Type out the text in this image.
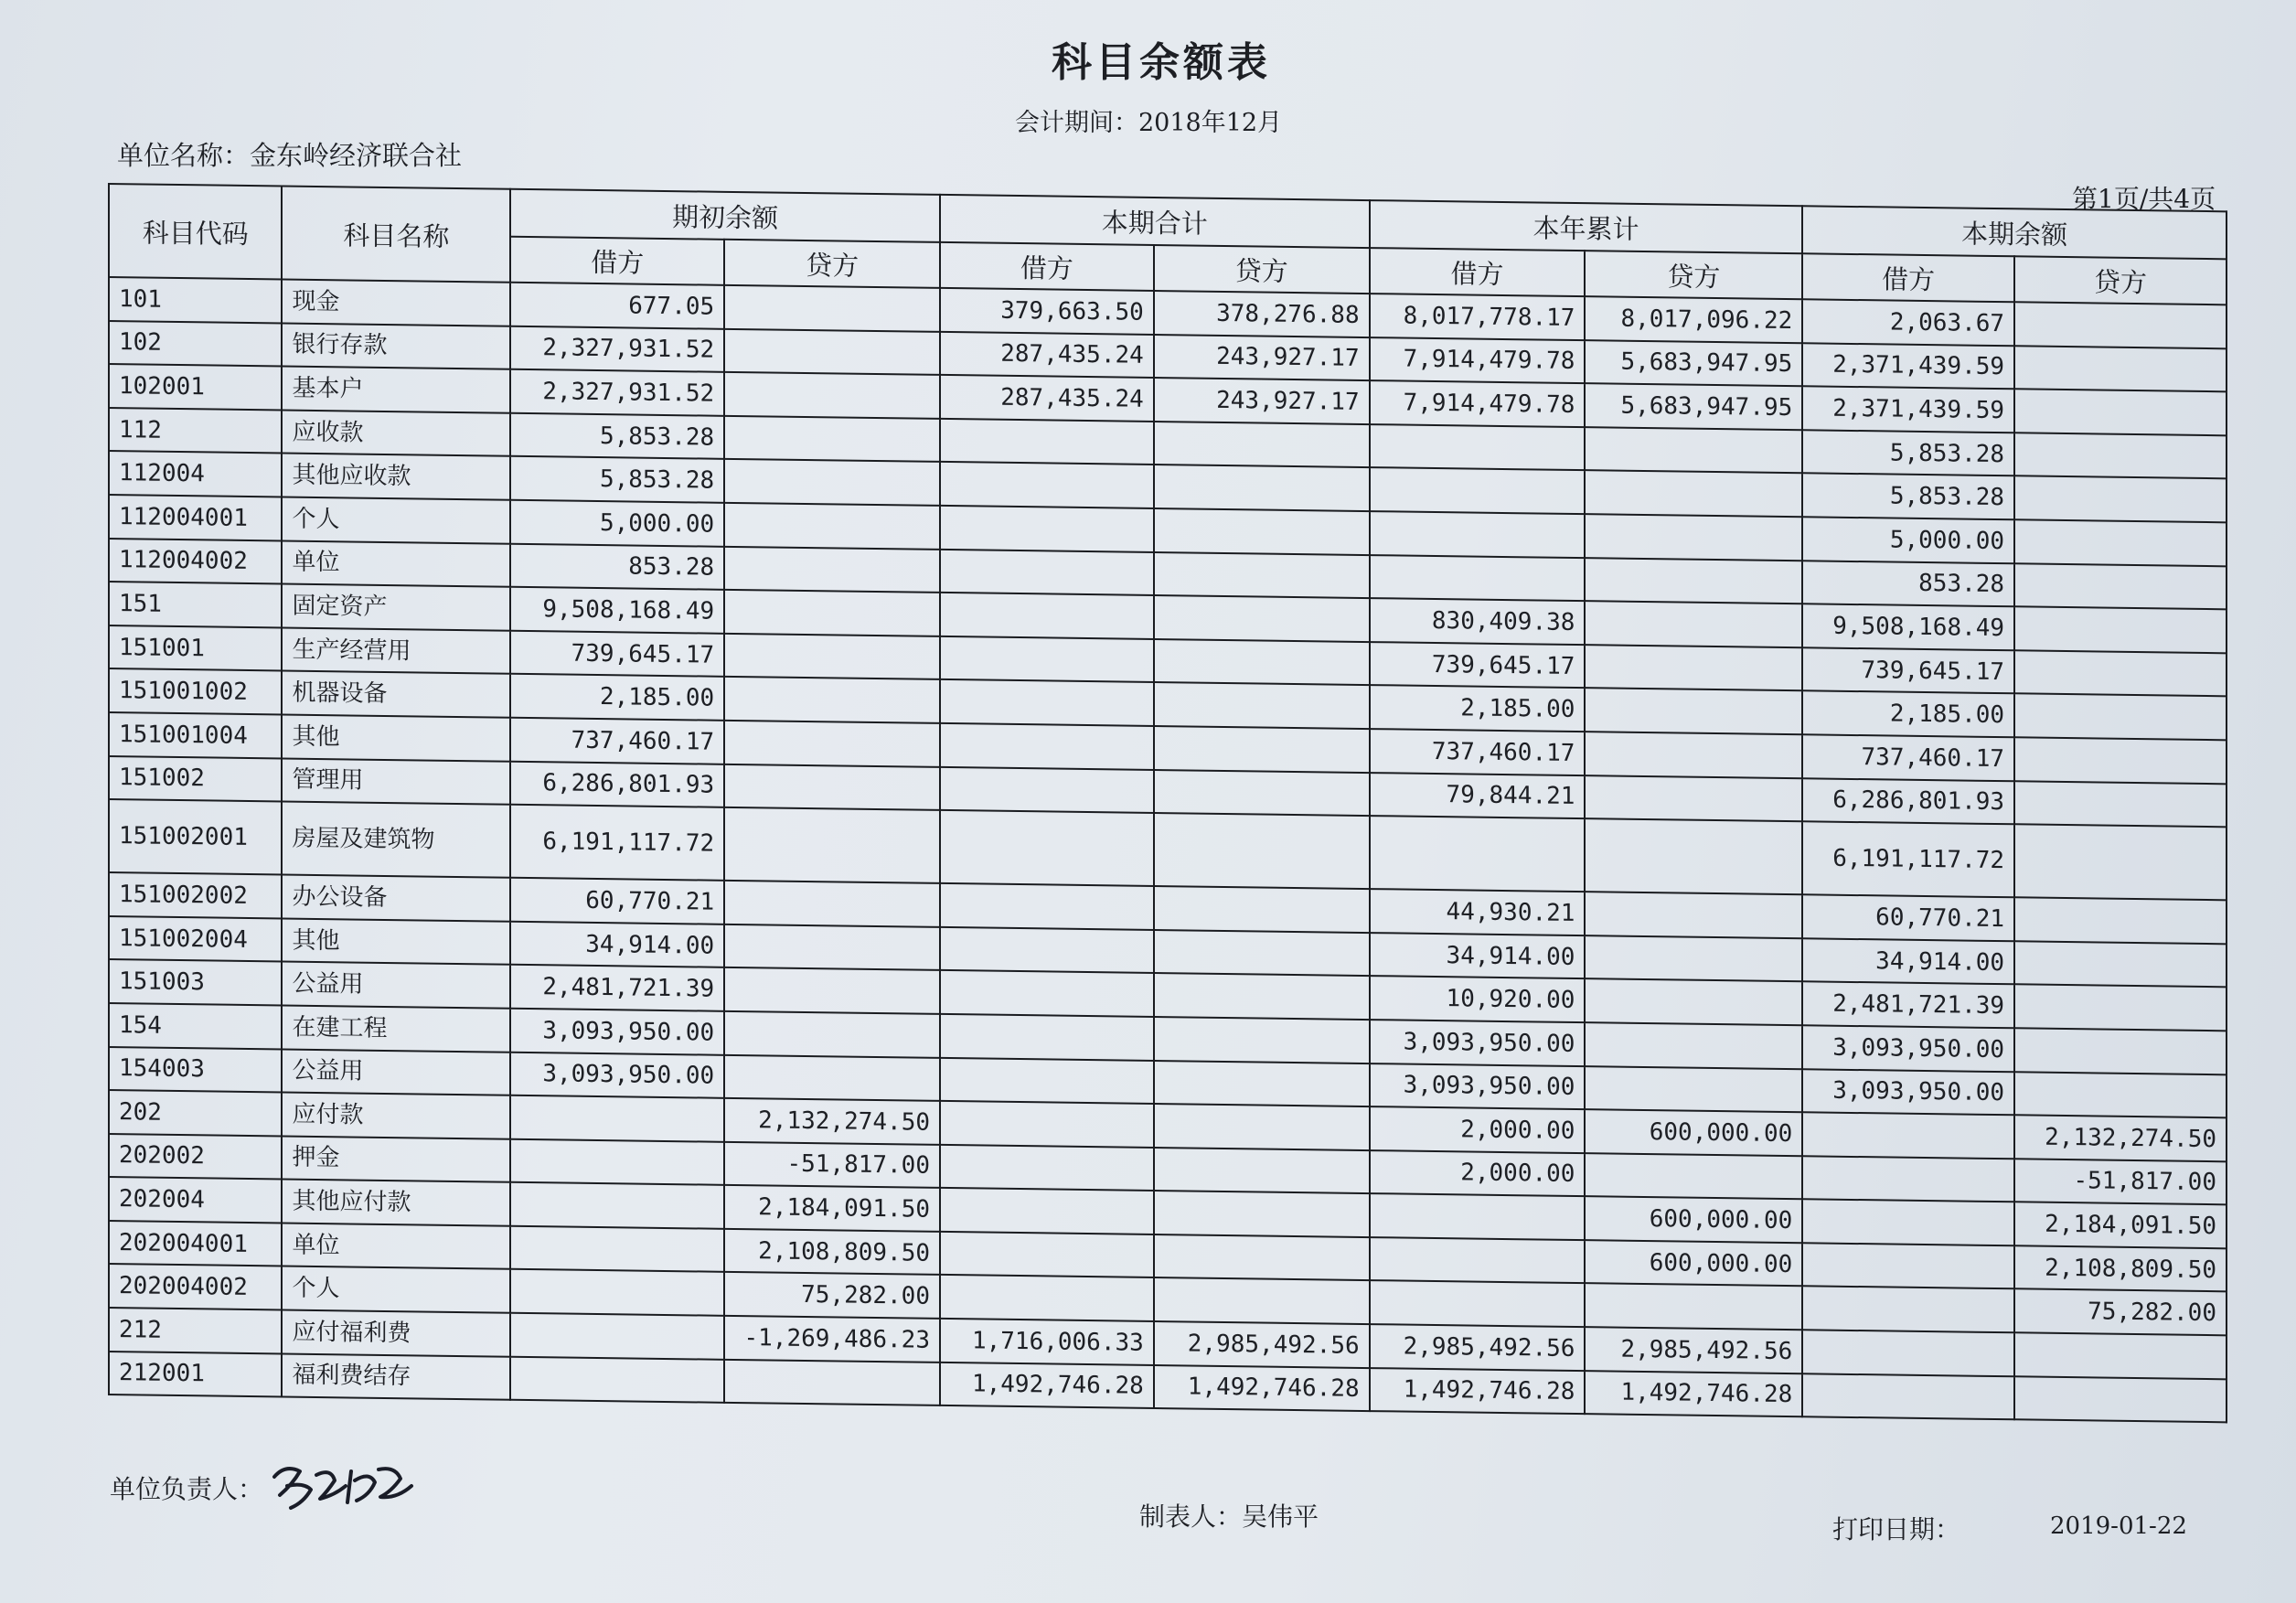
科目余额表
会计期间：2018年12月
单位名称：金东岭经济联合社
第1页/共4页
科目代码	科目名称	期初余额		本期合计		本年累计		本期余额	
		借方	贷方	借方	贷方	借方	贷方	借方	贷方
101	现金	677.05		379,663.50	378,276.88	8,017,778.17	8,017,096.22	2,063.67	
102	银行存款	2,327,931.52		287,435.24	243,927.17	7,914,479.78	5,683,947.95	2,371,439.59	
102001	基本户	2,327,931.52		287,435.24	243,927.17	7,914,479.78	5,683,947.95	2,371,439.59	
112	应收款	5,853.28						5,853.28	
112004	其他应收款	5,853.28						5,853.28	
112004001	个人	5,000.00						5,000.00	
112004002	单位	853.28						853.28	
151	固定资产	9,508,168.49				830,409.38		9,508,168.49	
151001	生产经营用	739,645.17				739,645.17		739,645.17	
151001002	机器设备	2,185.00				2,185.00		2,185.00	
151001004	其他	737,460.17				737,460.17		737,460.17	
151002	管理用	6,286,801.93				79,844.21		6,286,801.93	
151002001	房屋及建筑物	6,191,117.72						6,191,117.72	
151002002	办公设备	60,770.21				44,930.21		60,770.21	
151002004	其他	34,914.00				34,914.00		34,914.00	
151003	公益用	2,481,721.39				10,920.00		2,481,721.39	
154	在建工程	3,093,950.00				3,093,950.00		3,093,950.00	
154003	公益用	3,093,950.00				3,093,950.00		3,093,950.00	
202	应付款		2,132,274.50			2,000.00	600,000.00		2,132,274.50
202002	押金		-51,817.00			2,000.00			-51,817.00
202004	其他应付款		2,184,091.50				600,000.00		2,184,091.50
202004001	单位		2,108,809.50				600,000.00		2,108,809.50
202004002	个人		75,282.00						75,282.00
212	应付福利费		-1,269,486.23	1,716,006.33	2,985,492.56	2,985,492.56	2,985,492.56		
212001	福利费结存			1,492,746.28	1,492,746.28	1,492,746.28	1,492,746.28		
单位负责人：
制表人：吴伟平	打印日期：	2019-01-22
